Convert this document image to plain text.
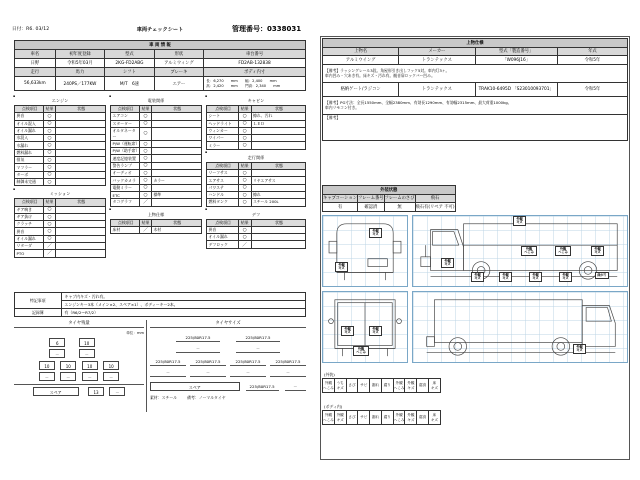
日付：R6. 03/12	車両チェックシート	管理番号：0338031
車 両 情 報				
車名	初年度登録	型式	形状	車台番号
日野	令和5年03月	2KG-FD2ABG	アルミウィング	FD2AB-132838
走行	馬力	シフト	ブレーキ	ボディ内寸
56,633km	240PS／177KW	M/T　6速	エアー	長：6,270　　mm　　幅：2,400　　mm
高：2,420　　mm　　門高：2,340　　mm
▪ エンジン
点検項目	結果	状態
異音	○	
オイル混入	○	
オイル漏れ	○	
水混入	○	
水漏れ	○	
燃料漏れ	○	
排気	○	
マフラー	○	
ターボ	○	
制御未完通	○	
▪ ミッション
点検項目	結果	状態
ギア鳴き	○	
ギア抜け	○	
クラッチ	○	
異音	○	
オイル漏れ	○	
リターダ	／	
PTO	／	
▪ 電装関係
点検項目	結果	状態
エアコン	○	
スターター	○	
オルタネーター	○	
P/W（運転席）	○	
P/W（助手席）	○	
速度記憶装置	○	
警告ランプ	○	
オーディオ	○	
バックカメラ	○	カラー
電動ミラー	○	
ETC	○	標準
タコグラフ	／	
▪ 上物仕様
点検項目	結果	状態
床材	／	木材
▪ キャビン
点検項目	結果	状態
シート	○	擦れ、汚れ
ヘッドライト	○	ＬＥＤ
ウィンカー	○	
ワイパー	○	
ミラー	○	
▪ 走行関係
点検項目	結果	状態
リーフサス	○	
エアサス	○	リヤエアサス
パワステ	○	
ハンドル	○	擦れ
燃料タンク	○	スチール 200L
▪ デフ
点検項目	結果	状態
異音	○	
オイル漏れ	○	
デフロック	／	
特記事項	キャブ内キズ・汚れ有。
	エンジンキー3本（メイン×2、スペア×1）、ボディーキー2本。
記録簿	有（R6/2～R7/2）
タイヤ残量
単位：mm
6	10
－	－
10	10	10	10
－	－	－	－
スペア	13	－
タイヤサイズ
225/80R17.5	225/80R17.5
－	－
225/80R17.5	225/80R17.5	225/80R17.5	225/80R17.5
－	－	－	－
スペア	225/80R17.5	－
素材：スチール	備考：ノーマルタイヤ
上物仕様			
上物名	メーカー	型式「製造番号」	年式
アルミウイング	トランテックス	「W096J16」	令和5年

【備考】ラッシングレール3段。角屋形引き出しフック5対。車内灯3ヶ。
車内凹み・穴あき有。床キズ・汚れ有。観音扉ロックバー凹み。			

格納ゲート/ラジコン	トランテックス	TRAK10-6495D 「S23010093701」	令和5年

【備考】PG寸法：全長1550mm、全幅2380mm、有効長1290mm、有効幅2315mm、最大荷重1000kg。
車内リモコン付き。			

【備考】			
外装状態			
キャブコーション	フレーム番号	フレームのさび	飛石
有	確認済	無	飛石有(リペア 不可)
外観
キズ
外観
キズ
外観
キズ
外観
へこみ
外観
へこみ
外観
キズ
外観
キズ
外観
キズ
外観
キズ
外観
キズ
外観
キズ
曲がり
外観
キズ
外観
キズ
外観
へこみ
外観
キズ
(外装)
外観
へこみ

うち
キズ

さび	サビ	割れ	腐り

外観
へこみ

外観
キズ

腐食

床
キズ
(ボディ内)
外観
へこみ

外観
キズ

さび	サビ	割れ	腐り

外観
へこみ

外観
キズ

腐食

床
キズ
